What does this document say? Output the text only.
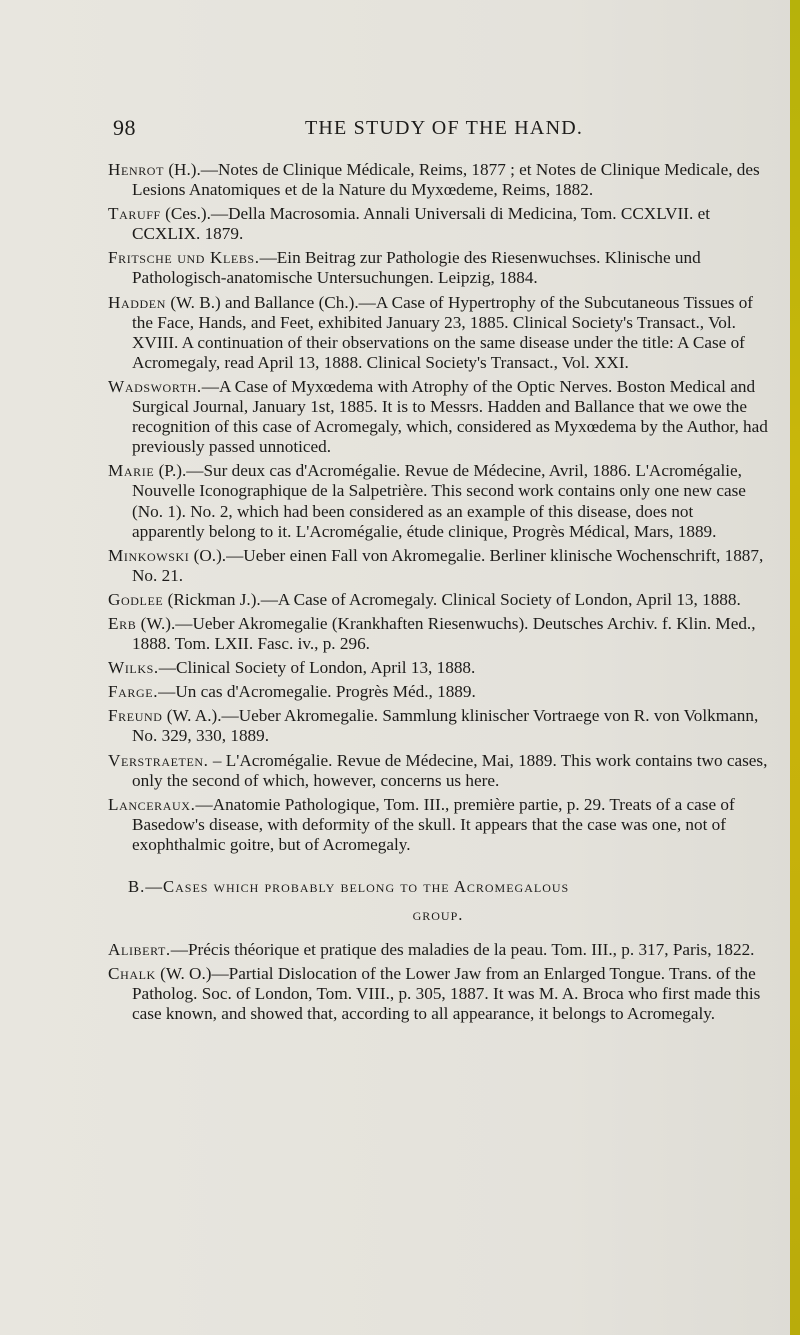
98	THE STUDY OF THE HAND.

Henrot (H.).—Notes de Clinique Médicale, Reims, 1877 ; et Notes de Clinique Medicale, des Lesions Anatomiques et de la Nature du Myxœdeme, Reims, 1882.

Taruff (Ces.).—Della Macrosomia. Annali Universali di Medicina, Tom. CCXLVII. et CCXLIX. 1879.

Fritsche und Klebs.—Ein Beitrag zur Pathologie des Riesenwuchses. Klinische und Pathologisch-anatomische Untersuchungen. Leipzig, 1884.

Hadden (W. B.) and Ballance (Ch.).—A Case of Hypertrophy of the Subcutaneous Tissues of the Face, Hands, and Feet, exhibited January 23, 1885. Clinical Society's Transact., Vol. XVIII. A continuation of their observations on the same disease under the title: A Case of Acromegaly, read April 13, 1888. Clinical Society's Transact., Vol. XXI.

Wadsworth.—A Case of Myxœdema with Atrophy of the Optic Nerves. Boston Medical and Surgical Journal, January 1st, 1885. It is to Messrs. Hadden and Ballance that we owe the recognition of this case of Acromegaly, which, considered as Myxœdema by the Author, had previously passed unnoticed.

Marie (P.).—Sur deux cas d'Acromégalie. Revue de Médecine, Avril, 1886. L'Acromégalie, Nouvelle Iconographique de la Salpetrière. This second work contains only one new case (No. 1). No. 2, which had been considered as an example of this disease, does not apparently belong to it. L'Acromégalie, étude clinique, Progrès Médical, Mars, 1889.

Minkowski (O.).—Ueber einen Fall von Akromegalie. Berliner klinische Wochenschrift, 1887, No. 21.

Godlee (Rickman J.).—A Case of Acromegaly. Clinical Society of London, April 13, 1888.

Erb (W.).—Ueber Akromegalie (Krankhaften Riesenwuchs). Deutsches Archiv. f. Klin. Med., 1888. Tom. LXII. Fasc. iv., p. 296.

Wilks.—Clinical Society of London, April 13, 1888.

Farge.—Un cas d'Acromegalie. Progrès Méd., 1889.

Freund (W. A.).—Ueber Akromegalie. Sammlung klinischer Vortraege von R. von Volkmann, No. 329, 330, 1889.

Verstraeten. – L'Acromégalie. Revue de Médecine, Mai, 1889. This work contains two cases, only the second of which, however, concerns us here.

Lanceraux.—Anatomie Pathologique, Tom. III., première partie, p. 29. Treats of a case of Basedow's disease, with deformity of the skull. It appears that the case was one, not of exophthalmic goitre, but of Acromegaly.

B.—Cases which probably belong to the Acromegalous
group.

Alibert.—Précis théorique et pratique des maladies de la peau. Tom. III., p. 317, Paris, 1822.

Chalk (W. O.)—Partial Dislocation of the Lower Jaw from an Enlarged Tongue. Trans. of the Patholog. Soc. of London, Tom. VIII., p. 305, 1887. It was M. A. Broca who first made this case known, and showed that, according to all appearance, it belongs to Acromegaly.
